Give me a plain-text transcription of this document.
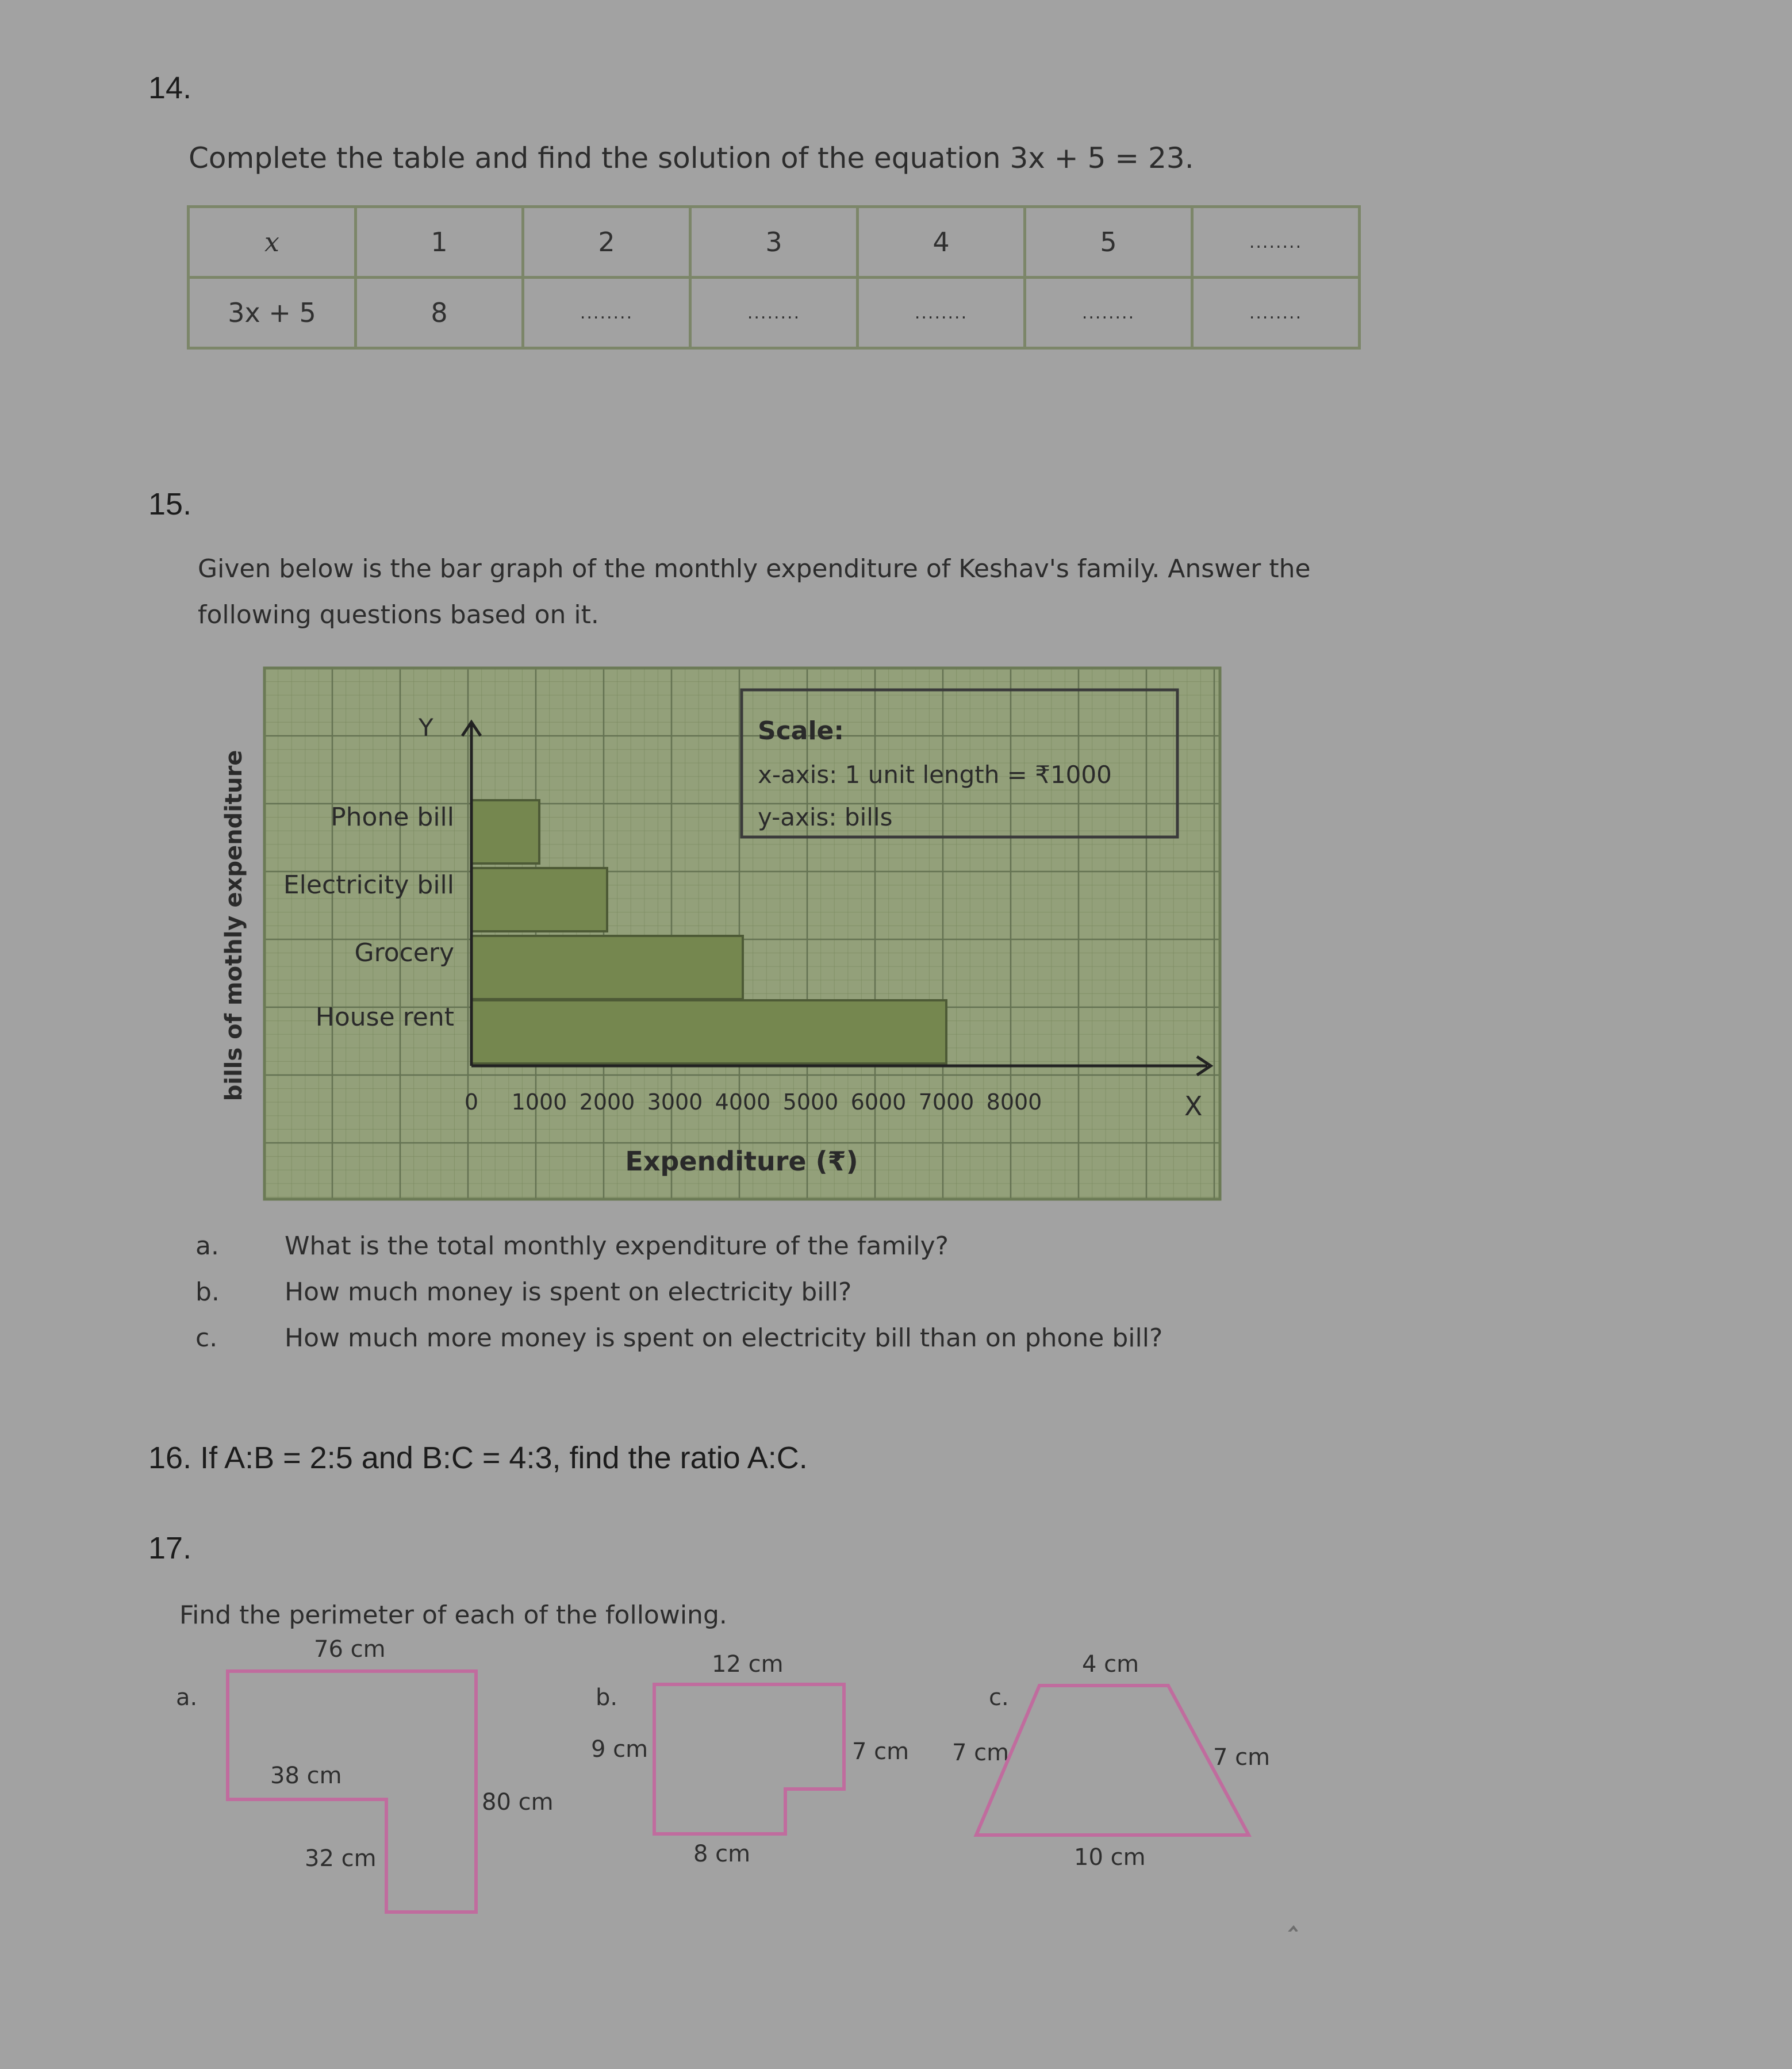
14.
Complete the table and find the solution of the equation 3x + 5 = 23.
x	1	2	3	4	5	........
3x + 5	8	........	........	........	........	........
15.
Given below is the bar graph of the monthly expenditure of Keshav's family. Answer the
following questions based on it.
Phone bill
Electricity bill
Grocery
House rent
Y
X
0 1000 2000 3000 4000 5000 6000 7000 8000
Expenditure (₹)
bills of mothly expenditure
Scale:
x-axis: 1 unit length = ₹1000
y-axis: bills
a.	What is the total monthly expenditure of the family?
b.	How much money is spent on electricity bill?
c.	How much more money is spent on electricity bill than on phone bill?
16. If A:B = 2:5 and B:C = 4:3, find the ratio A:C.
17.
Find the perimeter of each of the following.
a.
76 cm
38 cm
80 cm
32 cm
b.
12 cm
9 cm	7 cm
8 cm
c.
4 cm
7 cm	7 cm
10 cm
